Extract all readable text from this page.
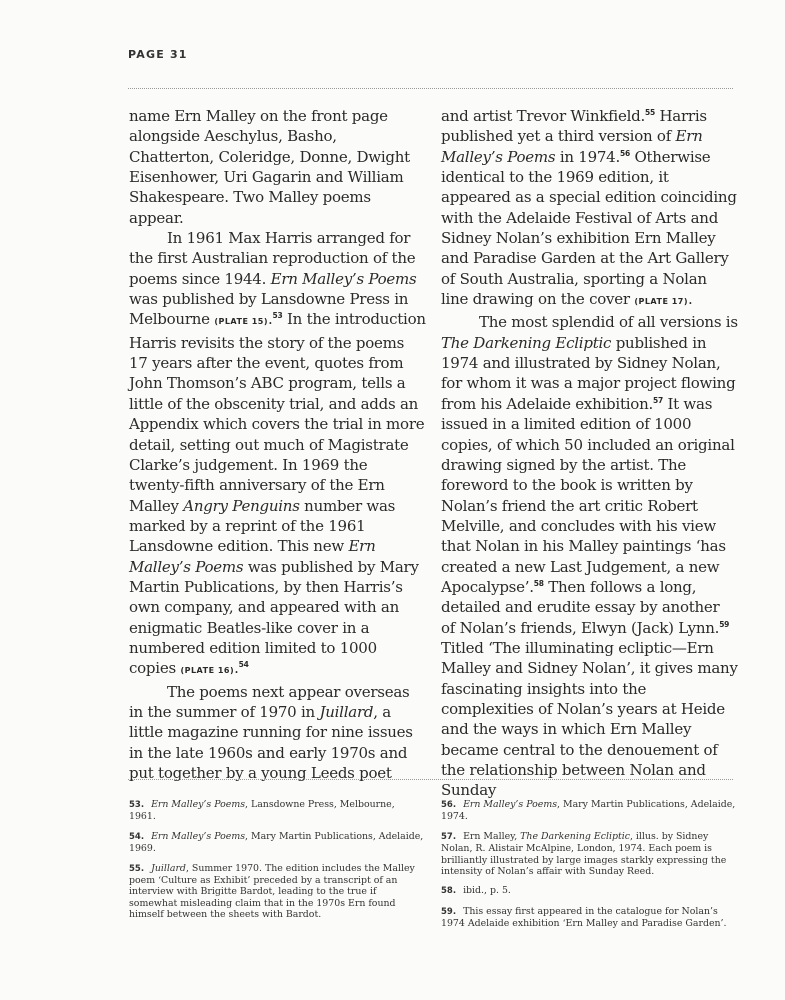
PAGE 31

name Ern Malley on the front page alongside Aeschylus, Basho, Chatterton, Coleridge, Donne, Dwight Eisenhower, Uri Gagarin and William Shakespeare. Two Malley poems appear.

In 1961 Max Harris arranged for the first Australian reproduction of the poems since 1944. Ern Malley’s Poems was published by Lansdowne Press in Melbourne (PLATE 15).$^{53}$ In the introduction Harris revisits the story of the poems 17 years after the event, quotes from John Thomson’s ABC program, tells a little of the obscenity trial, and adds an Appendix which covers the trial in more detail, setting out much of Magistrate Clarke’s judgement. In 1969 the twenty-fifth anniversary of the Ern Malley Angry Penguins number was marked by a reprint of the 1961 Lansdowne edition. This new Ern Malley’s Poems was published by Mary Martin Publications, by then Harris’s own company, and appeared with an enigmatic Beatles-like cover in a numbered edition limited to 1000 copies (PLATE 16).$^{54}$

The poems next appear overseas in the summer of 1970 in Juillard, a little magazine running for nine issues in the late 1960s and early 1970s and put together by a young Leeds poet

and artist Trevor Winkfield.$^{55}$ Harris published yet a third version of Ern Malley’s Poems in 1974.56 Otherwise identical to the 1969 edition, it appeared as a special edition coinciding with the Adelaide Festival of Arts and Sidney Nolan’s exhibition Ern Malley and Paradise Garden at the Art Gallery of South Australia, sporting a Nolan line drawing on the cover (PLATE 17).

The most splendid of all versions is The Darkening Ecliptic published in 1974 and illustrated by Sidney Nolan, for whom it was a major project flowing from his Adelaide exhibition.$^{57}$ It was issued in a limited edition of 1000 copies, of which 50 included an original drawing signed by the artist. The foreword to the book is written by Nolan’s friend the art critic Robert Melville, and concludes with his view that Nolan in his Malley paintings ‘has created a new Last Judgement, a new Apocalypse’.$^{58}$ Then follows a long, detailed and erudite essay by another of Nolan’s friends, Elwyn (Jack) Lynn.$^{59}$ Titled ‘The illuminating ecliptic—Ern Malley and Sidney Nolan’, it gives many fascinating insights into the complexities of Nolan’s years at Heide and the ways in which Ern Malley became central to the denouement of the relationship between Nolan and Sunday

53. Ern Malley’s Poems, Lansdowne Press, Melbourne, 1961.

54. Ern Malley’s Poems, Mary Martin Publications, Adelaide, 1969.

55. Juillard, Summer 1970. The edition includes the Malley poem ‘Culture as Exhibit’ preceded by a transcript of an interview with Brigitte Bardot, leading to the true if somewhat misleading claim that in the 1970s Ern found himself between the sheets with Bardot.

56. Ern Malley’s Poems, Mary Martin Publications, Adelaide, 1974.

57. Ern Malley, The Darkening Ecliptic, illus. by Sidney Nolan, R. Alistair McAlpine, London, 1974. Each poem is brilliantly illustrated by large images starkly expressing the intensity of Nolan’s affair with Sunday Reed.

58. ibid., p. 5.

59. This essay first appeared in the catalogue for Nolan’s 1974 Adelaide exhibition ‘Ern Malley and Paradise Garden’.
